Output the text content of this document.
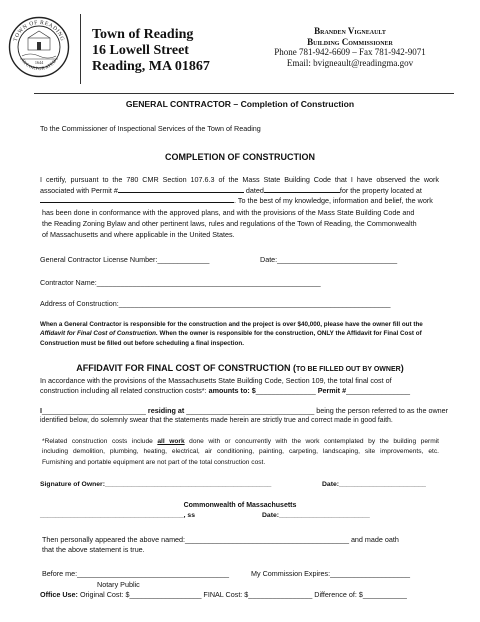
TOWN OF READING
INCORPORATED
1644
Town of Reading
16 Lowell Street
Reading, MA 01867
Branden Vigneault
Building Commissioner
Phone 781-942-6609 – Fax 781-942-9071
Email: bvigneault@readingma.gov
GENERAL CONTRACTOR – Completion of Construction
To the Commissioner of Inspectional Services of the Town of Reading
COMPLETION OF CONSTRUCTION
I certify, pursuant to the 780 CMR Section 107.6.3 of the Mass State Building Code that I have observed the work
associated with Permit #	dated	for the property located at
. To the best of my knowledge, information and belief, the work
has been done in conformance with the approved plans, and with the provisions of the Mass State Building Code and
the Reading Zoning Bylaw and other pertinent laws, rules and regulations of the Town of Reading, the Commonwealth
of Massachusetts and where applicable in the United States.
General Contractor License Number:_____________	Date:______________________________
Contractor Name:________________________________________________________
Address of Construction:____________________________________________________________________
When a General Contractor is responsible for the construction and the project is over $40,000, please have the owner fill out the
Affidavit for Final Cost of Construction. When the owner is responsible for the construction, ONLY the Affidavit for Final Cost of
Construction must be filled out before scheduling a final inspection.
AFFIDAVIT FOR FINAL COST OF CONSTRUCTION (TO BE FILLED OUT BY OWNER)
In accordance with the provisions of the Massachusetts State Building Code, Section 109, the total final cost of
construction including all related construction costs*: amounts to: $_______________ Permit #________________
I__________________________ residing at ________________________________ being the person referred to as the owner
identified below, do solemnly swear that the statements made herein are strictly true and correct made in good faith.
*Related construction costs include all work done with or concurrently with the work contemplated by the building permit
including demolition, plumbing, heating, electrical, air conditioning, painting, carpeting, landscaping, site improvements, etc.
Furnishing and portable equipment are not part of the total construction cost.
Signature of Owner:____________________________________________	Date:_______________________
Commonwealth of Massachusetts
______________________________________, ss	Date:________________________
Then personally appeared the above named:_________________________________________ and made oath
that the above statement is true.
Before me:______________________________________	My Commission Expires:____________________
Notary Public
Office Use: Original Cost: $__________________ FINAL Cost: $________________ Difference of: $___________
